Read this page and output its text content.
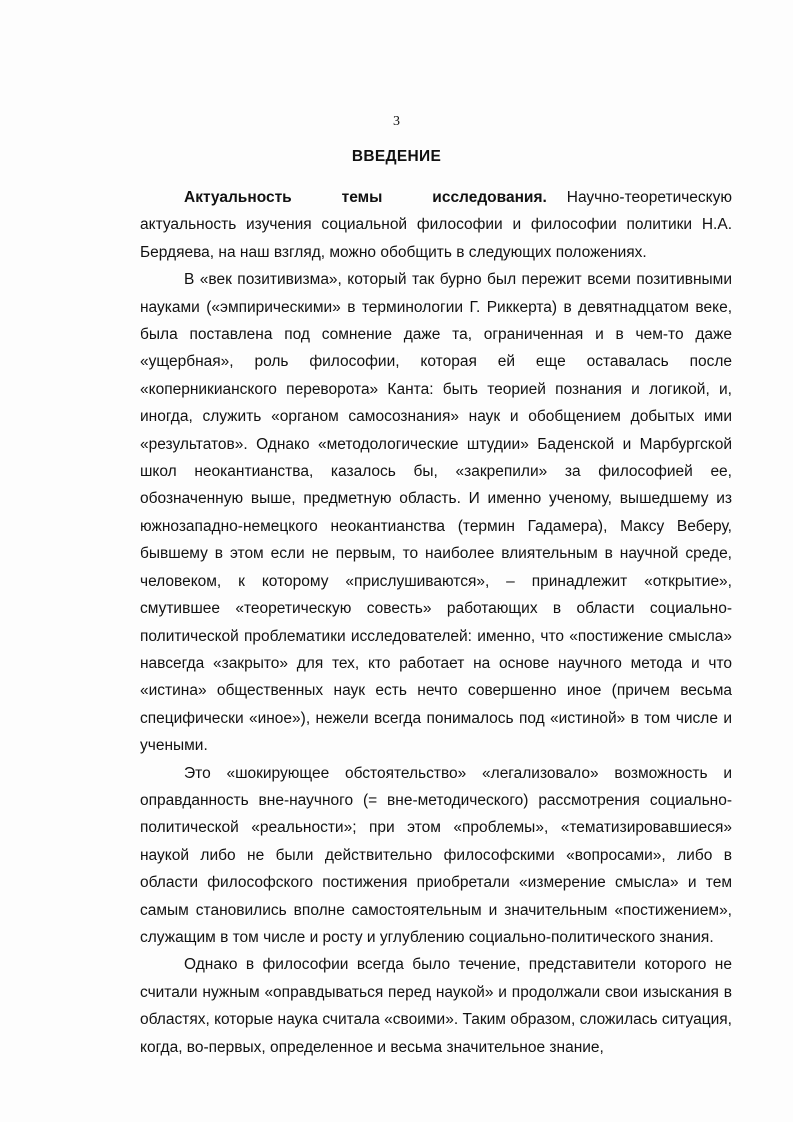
3
ВВЕДЕНИЕ

Актуальность темы исследования. Научно-теоретическую актуальность изучения социальной философии и философии политики Н.А. Бердяева, на наш взгляд, можно обобщить в следующих положениях.

В «век позитивизма», который так бурно был пережит всеми позитивными науками («эмпирическими» в терминологии Г. Риккерта) в девятнадцатом веке, была поставлена под сомнение даже та, ограниченная и в чем-то даже «ущербная», роль философии, которая ей еще оставалась после «коперникианского переворота» Канта: быть теорией познания и логикой, и, иногда, служить «органом самосознания» наук и обобщением добытых ими «результатов». Однако «методологические штудии» Баденской и Марбургской школ неокантианства, казалось бы, «закрепили» за философией ее, обозначенную выше, предметную область. И именно ученому, вышедшему из южнозападно-немецкого неокантианства (термин Гадамера), Максу Веберу, бывшему в этом если не первым, то наиболее влиятельным в научной среде, человеком, к которому «прислушиваются», – принадлежит «открытие», смутившее «теоретическую совесть» работающих в области социально-политической проблематики исследователей: именно, что «постижение смысла» навсегда «закрыто» для тех, кто работает на основе научного метода и что «истина» общественных наук есть нечто совершенно иное (причем весьма специфически «иное»), нежели всегда понималось под «истиной» в том числе и учеными.

Это «шокирующее обстоятельство» «легализовало» возможность и оправданность вне-научного (= вне-методического) рассмотрения социально-политической «реальности»; при этом «проблемы», «тематизировавшиеся» наукой либо не были действительно философскими «вопросами», либо в области философского постижения приобретали «измерение смысла» и тем самым становились вполне самостоятельным и значительным «постижением», служащим в том числе и росту и углублению социально-политического знания.

Однако в философии всегда было течение, представители которого не считали нужным «оправдываться перед наукой» и продолжали свои изыскания в областях, которые наука считала «своими». Таким образом, сложилась ситуация, когда, во-первых, определенное и весьма значительное знание,
